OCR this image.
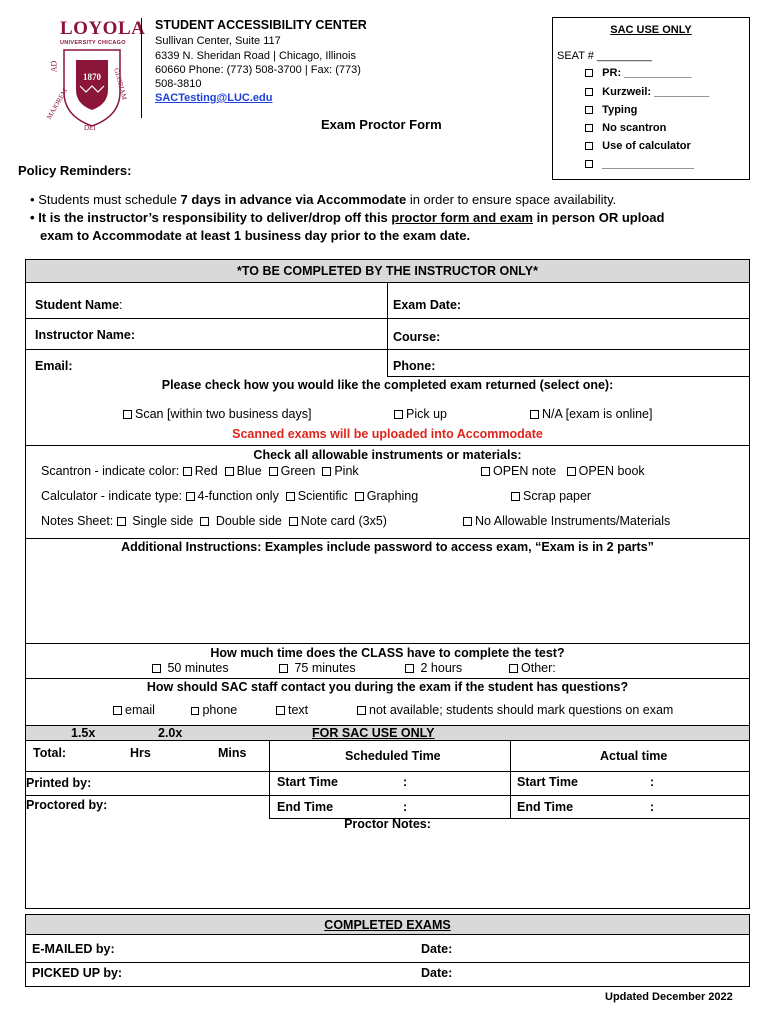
LOYOLA
UNIVERSITY CHICAGO
1870
AD
MAJOREM
DEI
GLORIAM
STUDENT ACCESSIBILITY CENTER
Sullivan Center, Suite 117
6339 N. Sheridan Road | Chicago, Illinois
60660 Phone: (773) 508-3700 | Fax: (773)
508-3810
SACTesting@LUC.edu
Exam Proctor Form
SAC USE ONLY
SEAT # _________
PR: ___________
Kurzweil: _________
Typing
No scantron
Use of calculator
_______________
Policy Reminders:
• Students must schedule 7 days in advance via Accommodate in order to ensure space availability.
• It is the instructor’s responsibility to deliver/drop off this proctor form and exam in person OR upload
exam to Accommodate at least 1 business day prior to the exam date.
*TO BE COMPLETED BY THE INSTRUCTOR ONLY*
Student Name:	Exam Date:
Instructor Name:	Course:
Email:	Phone:
Please check how you would like the completed exam returned (select one):
Scan [within two business days]	Pick up	N/A [exam is online]
Scanned exams will be uploaded into Accommodate
Check all allowable instruments or materials:
Scantron - indicate color: Red Blue Green Pink	OPEN note OPEN book
Calculator - indicate type: 4-function only Scientific Graphing	Scrap paper
Notes Sheet: Single side Double side Note card (3x5)	No Allowable Instruments/Materials
Additional Instructions: Examples include password to access exam, “Exam is in 2 parts”
How much time does the CLASS have to complete the test?
50 minutes	75 minutes	2 hours	Other:
How should SAC staff contact you during the exam if the student has questions?
email	phone	text	not available; students should mark questions on exam
1.5x	2.0x	FOR SAC USE ONLY
Total:	Hrs	Mins	Scheduled Time	Actual time
Printed by:	Start Time	:	Start Time	:
Proctored by:	End Time	:	End Time	:
Proctor Notes:
COMPLETED EXAMS
E-MAILED by:	Date:
PICKED UP by:	Date:
Updated December 2022
